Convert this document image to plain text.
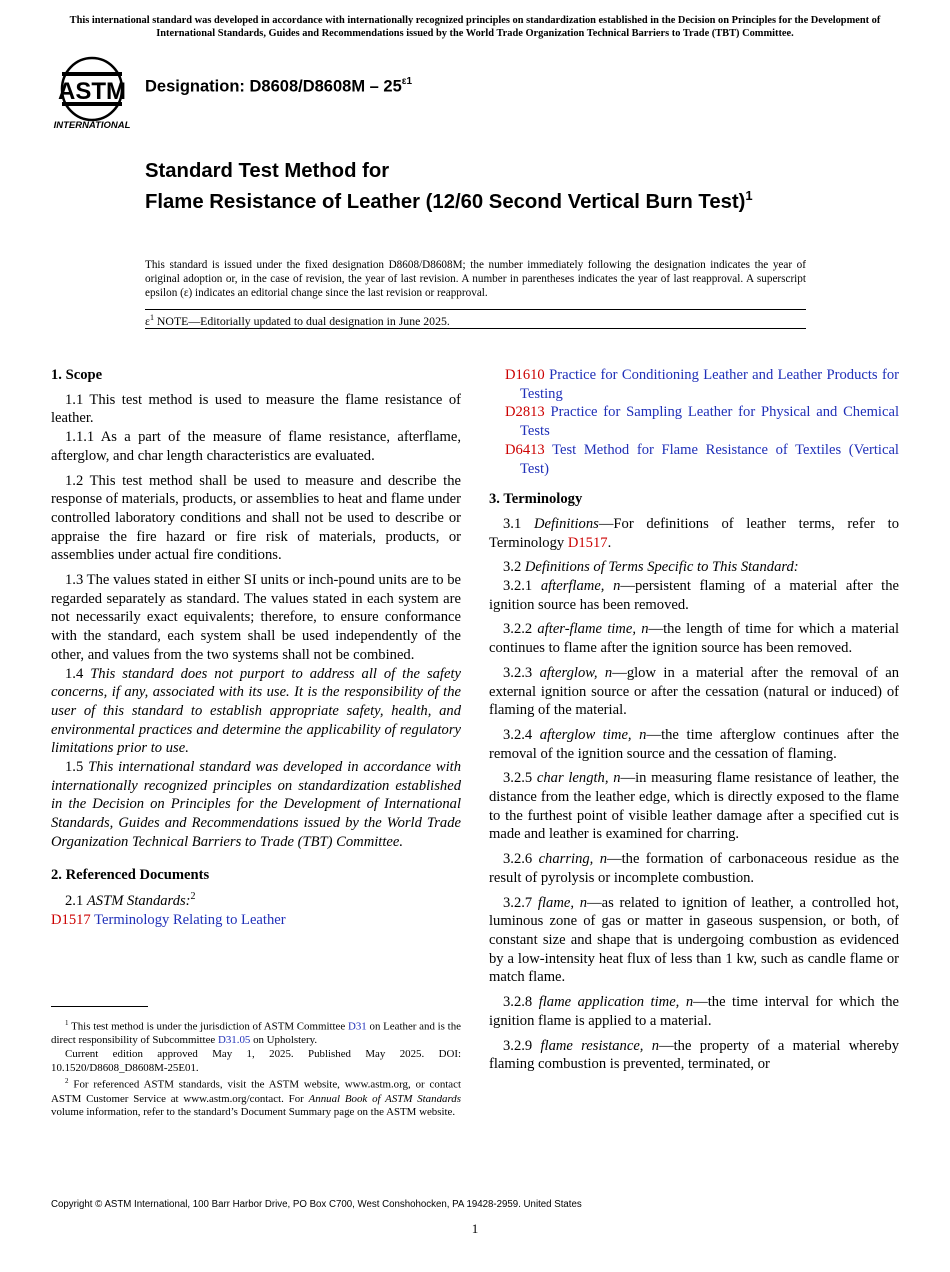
This international standard was developed in accordance with internationally recognized principles on standardization established in the Decision on Principles for the Development of International Standards, Guides and Recommendations issued by the World Trade Organization Technical Barriers to Trade (TBT) Committee.
ASTM
INTERNATIONAL
Designation: $D8608/D8608M - 25^{\varepsilon 1}$
Standard Test Method for
Flame Resistance of Leather (12/60 Second Vertical Burn Test)$^1$
This standard is issued under the fixed designation D8608/D8608M; the number immediately following the designation indicates the year of original adoption or, in the case of revision, the year of last revision. A number in parentheses indicates the year of last reapproval. A superscript epsilon (ε) indicates an editorial change since the last revision or reapproval.
$\varepsilon^1$ NOTE—Editorially updated to dual designation in June 2025.
1. Scope

1.1 This test method is used to measure the flame resistance of leather.

1.1.1 As a part of the measure of flame resistance, afterflame, afterglow, and char length characteristics are evaluated.

1.2 This test method shall be used to measure and describe the response of materials, products, or assemblies to heat and flame under controlled laboratory conditions and shall not be used to describe or appraise the fire hazard or fire risk of materials, products, or assemblies under actual fire conditions.

1.3 The values stated in either SI units or inch-pound units are to be regarded separately as standard. The values stated in each system are not necessarily exact equivalents; therefore, to ensure conformance with the standard, each system shall be used independently of the other, and values from the two systems shall not be combined.

1.4 This standard does not purport to address all of the safety concerns, if any, associated with its use. It is the responsibility of the user of this standard to establish appropriate safety, health, and environmental practices and determine the applicability of regulatory limitations prior to use.

1.5 This international standard was developed in accordance with internationally recognized principles on standardization established in the Decision on Principles for the Development of International Standards, Guides and Recommendations issued by the World Trade Organization Technical Barriers to Trade (TBT) Committee.

2. Referenced Documents

2.1 ASTM Standards:$^2$

D1517 Terminology Relating to Leather

$^1$ This test method is under the jurisdiction of ASTM Committee D31 on Leather and is the direct responsibility of Subcommittee D31.05 on Upholstery.

Current edition approved May 1, 2025. Published May 2025. DOI: 10.1520/D8608_D8608M-25E01.

$^2$ For referenced ASTM standards, visit the ASTM website, www.astm.org, or contact ASTM Customer Service at www.astm.org/contact. For Annual Book of ASTM Standards volume information, refer to the standard’s Document Summary page on the ASTM website.

D1610 Practice for Conditioning Leather and Leather Products for Testing

D2813 Practice for Sampling Leather for Physical and Chemical Tests

D6413 Test Method for Flame Resistance of Textiles (Vertical Test)

3. Terminology

3.1 Definitions—For definitions of leather terms, refer to Terminology D1517.

3.2 Definitions of Terms Specific to This Standard:

3.2.1 afterflame, n—persistent flaming of a material after the ignition source has been removed.

3.2.2 after-flame time, n—the length of time for which a material continues to flame after the ignition source has been removed.

3.2.3 afterglow, n—glow in a material after the removal of an external ignition source or after the cessation (natural or induced) of flaming of the material.

3.2.4 afterglow time, n—the time afterglow continues after the removal of the ignition source and the cessation of flaming.

3.2.5 char length, n—in measuring flame resistance of leather, the distance from the leather edge, which is directly exposed to the flame to the furthest point of visible leather damage after a specified cut is made and leather is examined for charring.

3.2.6 charring, n—the formation of carbonaceous residue as the result of pyrolysis or incomplete combustion.

3.2.7 flame, n—as related to ignition of leather, a controlled hot, luminous zone of gas or matter in gaseous suspension, or both, of constant size and shape that is undergoing combustion as evidenced by a low-intensity heat flux of less than 1 kw, such as candle flame or match flame.

3.2.8 flame application time, n—the time interval for which the ignition flame is applied to a material.

3.2.9 flame resistance, n—the property of a material whereby flaming combustion is prevented, terminated, or

Copyright © ASTM International, 100 Barr Harbor Drive, PO Box C700, West Conshohocken, PA 19428-2959. United States
1
